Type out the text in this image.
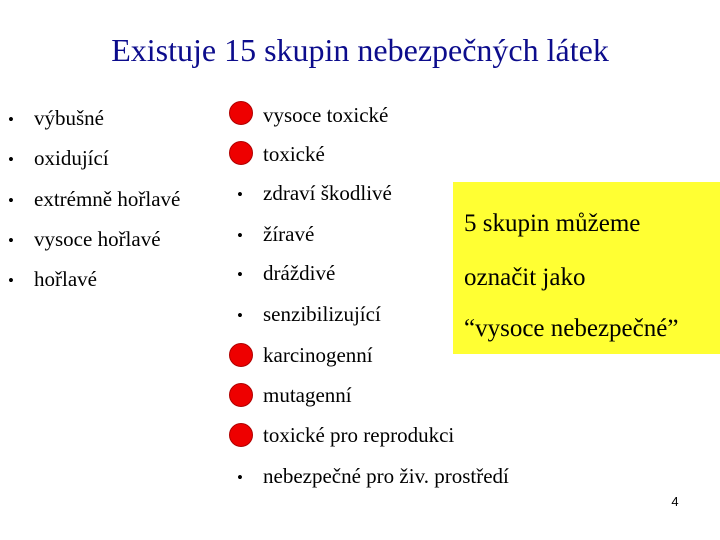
Existuje 15 skupin nebezpečných látek
• výbušné
• oxidující
• extrémně hořlavé
• vysoce hořlavé
• hořlavé
vysoce toxické
toxické
• zdraví škodlivé
• žíravé
• dráždivé
• senzibilizující
karcinogenní
mutagenní
toxické pro reprodukci
• nebezpečné pro živ. prostředí
5 skupin můžeme
označit jako
“vysoce nebezpečné”
4
